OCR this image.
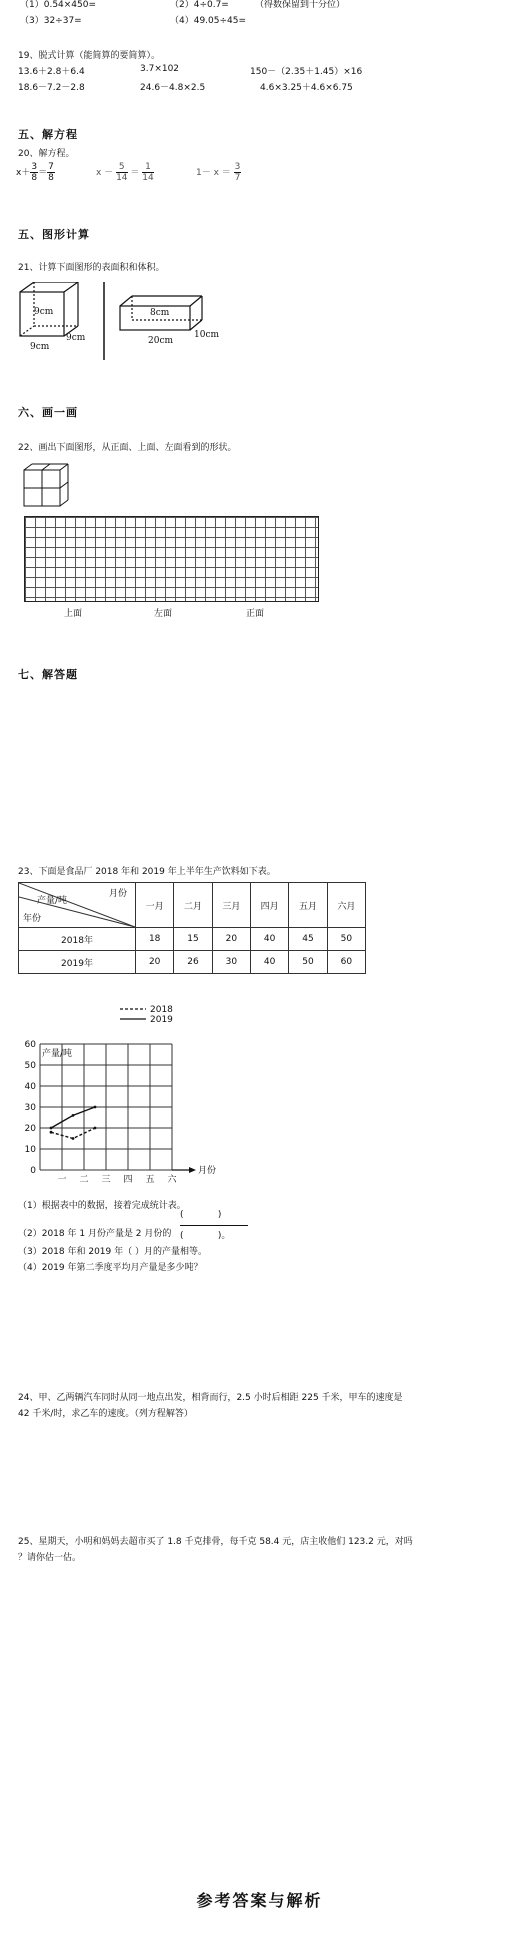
（1）0.54×450=	（2）4÷0.7=	（得数保留到十分位）
（3）32÷37=	（4）49.05÷45=
19、脱式计算（能简算的要简算）。
13.6＋2.8＋6.4	3.7×102	150－（2.35＋1.45）×16
18.6－7.2－2.8	24.6－4.8×2.5	4.6×3.25＋4.6×6.75
五、解方程
20、解方程。
$x+ \frac{3}{8} = \frac{7}{8}$	$x - \frac{5}{14} = \frac{1}{14}$	$1- x = \frac{3}{7}$
五、图形计算
21、计算下面图形的表面积和体积。
9cm
9cm
9cm
8cm
20cm
10cm
六、画一画
22、画出下面图形，从正面、上面、左面看到的形状。
上面	左面	正面
七、解答题
23、下面是食品厂 2018 年和 2019 年上半年生产饮料如下表。
月份
产量/吨
年份	一月	二月	三月	四月	五月	六月
2018年	18	15	20	40	45	50
2019年	20	26	30	40	50	60
0
10
20
30
40
50
60
一 二 三 四 五 六
产量/吨
月份
2018
2019
（1）根据表中的数据，接着完成统计表。
（2）2018 年 1 月份产量是 2 月份的
(	)
(	)。
（3）2018 年和 2019 年（ ）月的产量相等。
（4）2019 年第二季度平均月产量是多少吨？
24、甲、乙两辆汽车同时从同一地点出发，相背而行，2.5 小时后相距 225 千米，甲车的速度是
42 千米/时，求乙车的速度。（列方程解答）
25、星期天，小明和妈妈去超市买了 1.8 千克排骨，每千克 58.4 元，店主收他们 123.2 元，对吗
？请你估一估。
参考答案与解析
